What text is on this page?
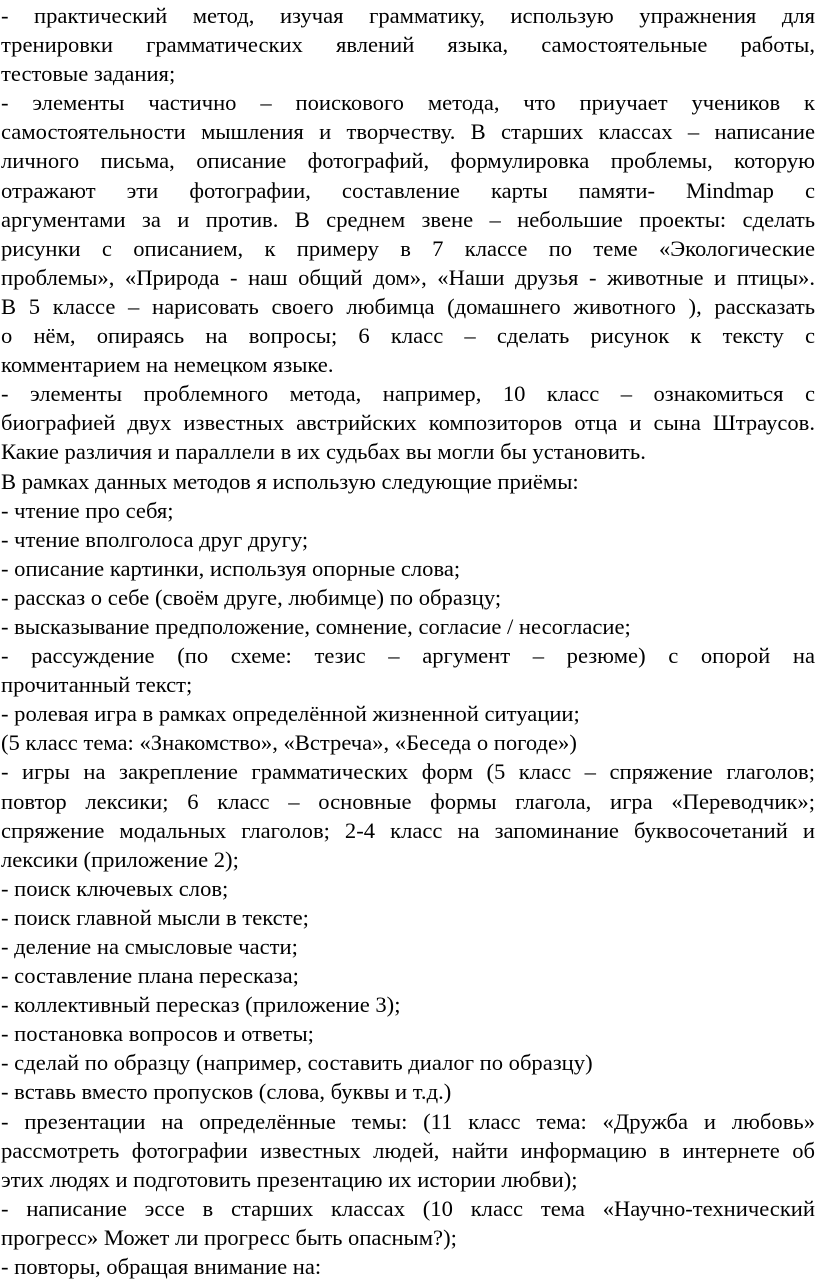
- практический метод, изучая грамматику, использую упражнения для
тренировки грамматических явлений языка, самостоятельные работы,
тестовые задания;
- элементы частично – поискового метода, что приучает учеников к
самостоятельности мышления и творчеству. В старших классах – написание
личного письма, описание фотографий, формулировка проблемы, которую
отражают эти фотографии, составление карты памяти- Mindmap с
аргументами за и против. В среднем звене – небольшие проекты: сделать
рисунки с описанием, к примеру в 7 классе по теме «Экологические
проблемы», «Природа - наш общий дом», «Наши друзья - животные и птицы».
В 5 классе – нарисовать своего любимца (домашнего животного ), рассказать
о нём, опираясь на вопросы; 6 класс – сделать рисунок к тексту с
комментарием на немецком языке.
- элементы проблемного метода, например, 10 класс – ознакомиться с
биографией двух известных австрийских композиторов отца и сына Штраусов.
Какие различия и параллели в их судьбах вы могли бы установить.
В рамках данных методов я использую следующие приёмы:
- чтение про себя;
- чтение вполголоса друг другу;
- описание картинки, используя опорные слова;
- рассказ о себе (своём друге, любимце) по образцу;
- высказывание предположение, сомнение, согласие / несогласие;
- рассуждение (по схеме: тезис – аргумент – резюме) с опорой на
прочитанный текст;
- ролевая игра в рамках определённой жизненной ситуации;
(5 класс тема: «Знакомство», «Встреча», «Беседа о погоде»)
- игры на закрепление грамматических форм (5 класс – спряжение глаголов;
повтор лексики; 6 класс – основные формы глагола, игра «Переводчик»;
спряжение модальных глаголов; 2-4 класс на запоминание буквосочетаний и
лексики (приложение 2);
- поиск ключевых слов;
- поиск главной мысли в тексте;
- деление на смысловые части;
- составление плана пересказа;
- коллективный пересказ (приложение 3);
- постановка вопросов и ответы;
- сделай по образцу (например, составить диалог по образцу)
- вставь вместо пропусков (слова, буквы и т.д.)
- презентации на определённые темы: (11 класс тема: «Дружба и любовь»
рассмотреть фотографии известных людей, найти информацию в интернете об
этих людях и подготовить презентацию их истории любви);
- написание эссе в старших классах (10 класс тема «Научно-технический
прогресс» Может ли прогресс быть опасным?);
- повторы, обращая внимание на:
